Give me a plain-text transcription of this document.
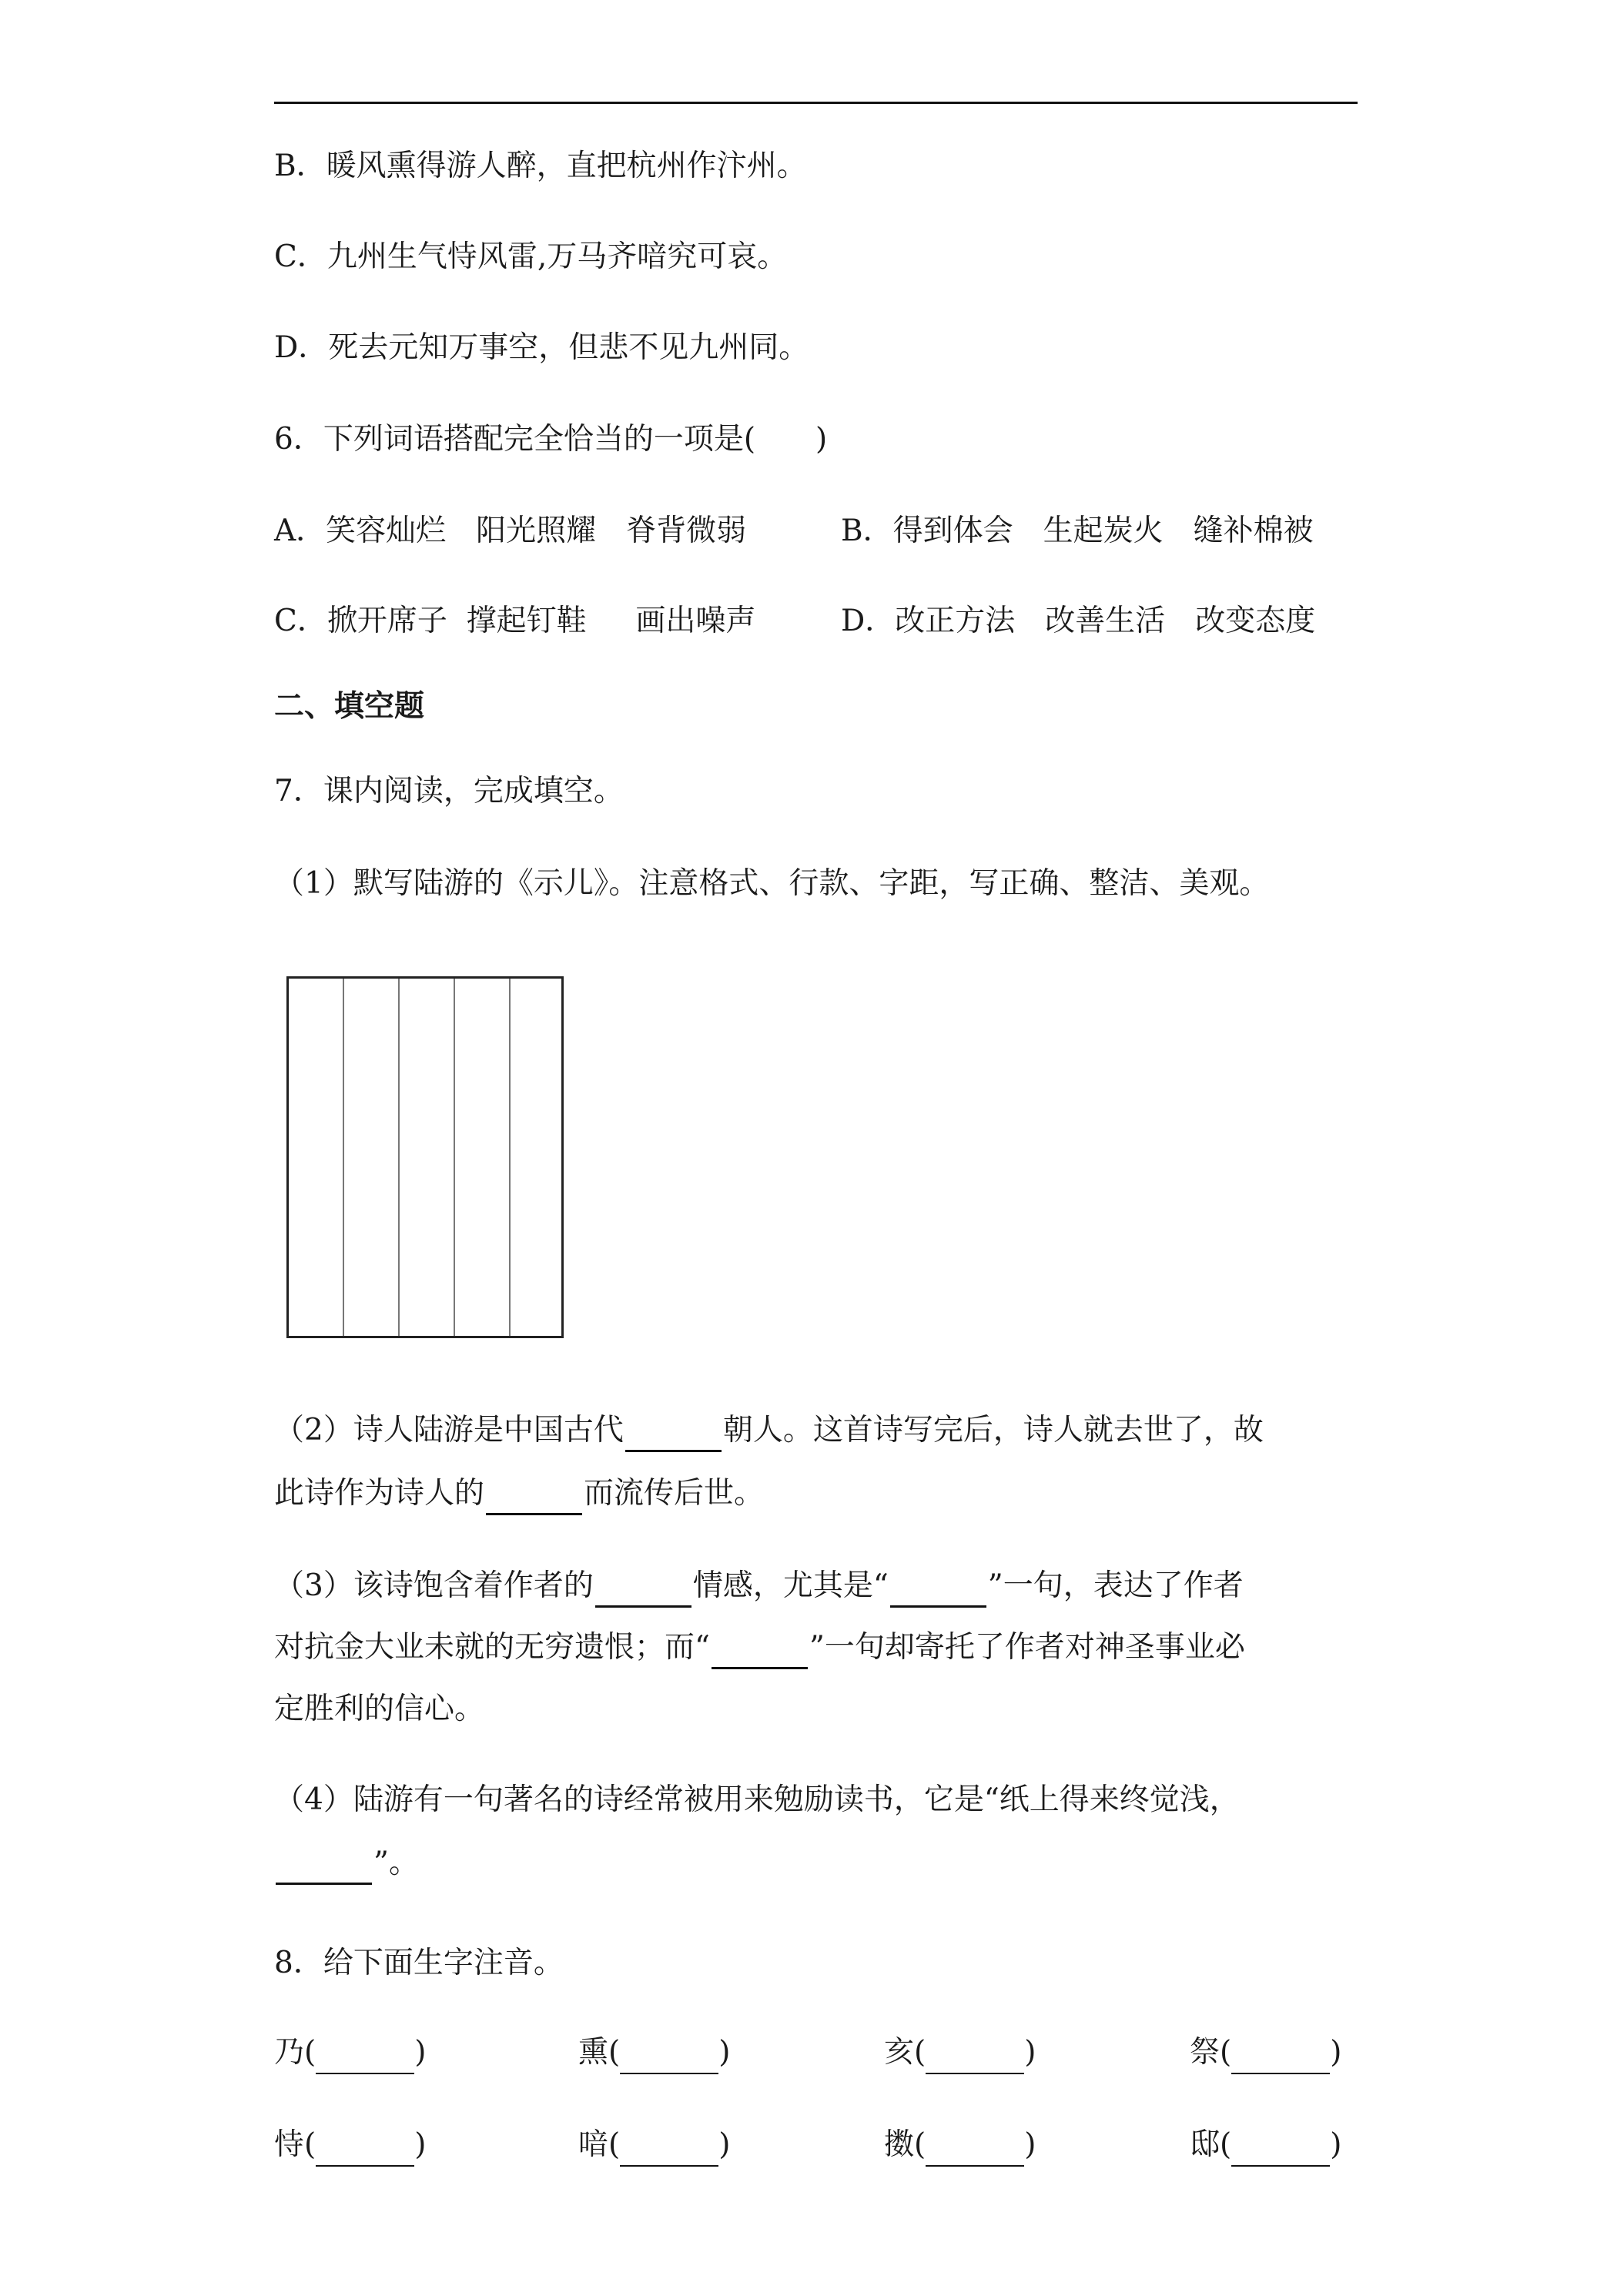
B．暖风熏得游人醉，直把杭州作汴州。
C．九州生气恃风雷,万马齐喑究可哀。
D．死去元知万事空，但悲不见九州同。
6．下列词语搭配完全恰当的一项是(　　)
A．笑容灿烂　阳光照耀　脊背微弱	B．得到体会　生起炭火　缝补棉被
C．掀开席子  撑起钉鞋　  画出噪声	D．改正方法　改善生活　改变态度
二、填空题
7．课内阅读，完成填空。
（1）默写陆游的《示儿》。注意格式、行款、字距，写正确、整洁、美观。
（2）诗人陆游是中国古代	朝人。这首诗写完后，诗人就去世了，故
此诗作为诗人的	而流传后世。
（3）该诗饱含着作者的	情感，尤其是“	”一句，表达了作者
对抗金大业未就的无穷遗恨；而“	”一句却寄托了作者对神圣事业必
定胜利的信心。
（4）陆游有一句著名的诗经常被用来勉励读书，它是“纸上得来终觉浅，
”。
8．给下面生字注音。
乃(	)	熏(	)	亥(	)	祭(	)
恃(	)	喑(	)	擞(	)	邸(	)
